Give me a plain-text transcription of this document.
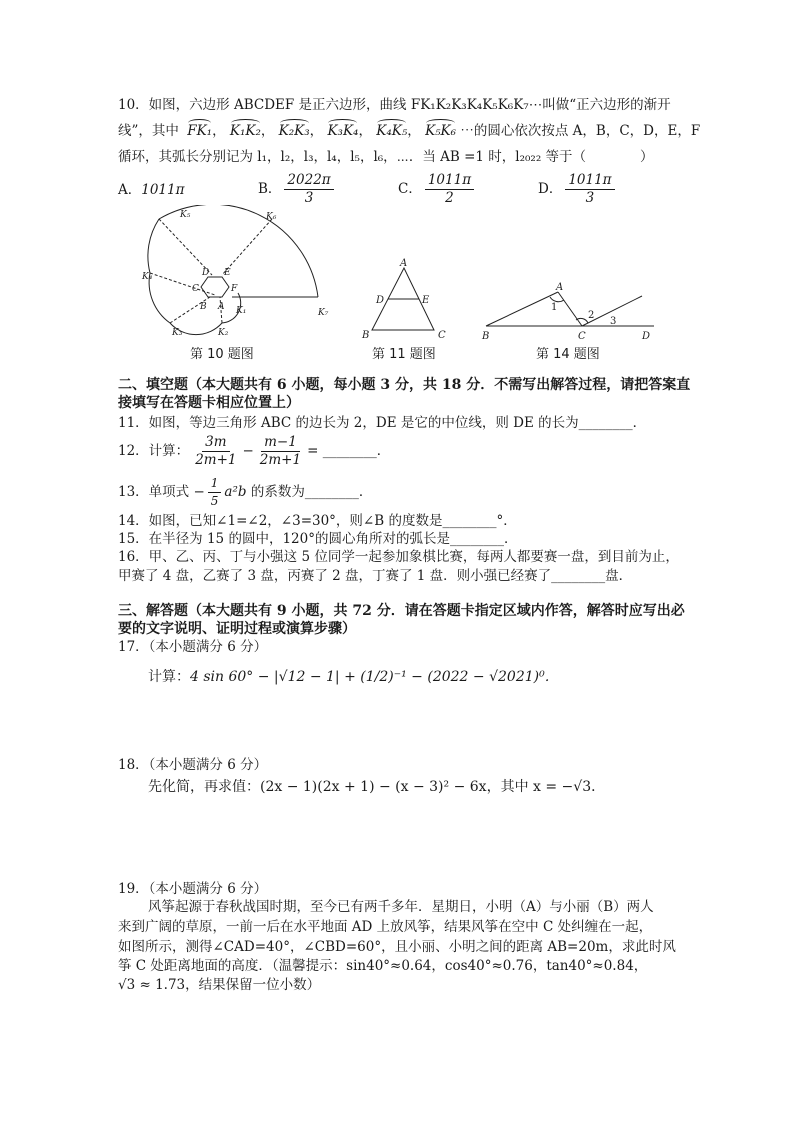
10．如图，六边形 ABCDEF 是正六边形，曲线 FK₁K₂K₃K₄K₅K₆K₇⋯叫做“正六边形的渐开
线”，其中 FK₁， K₁K₂， K₂K₃， K₃K₄， K₄K₅， K₅K₆ ⋯的圆心依次按点 A，B，C，D，E，F
循环，其弧长分别记为 l₁，l₂，l₃，l₄，l₅，l₆，⋯．当 AB =1 时，l₂₀₂₂ 等于（　　　　）
A．1011π	B． $\frac{2022\pi}{3}$	C． $\frac{1011\pi}{2}$	D． $\frac{1011\pi}{3}$
K₅	K₆
K₄	D E
C	F
B A K₁	K₇
K₃	K₂
A
D	E
B	C
A
1
2
3
B	C	D
第 10 题图	第 11 题图	第 14 题图
二、填空题（本大题共有 6 小题，每小题 3 分，共 18 分．不需写出解答过程，请把答案直
接填写在答题卡相应位置上）
11．如图，等边三角形 ABC 的边长为 2，DE 是它的中位线，则 DE 的长为________．
12．计算： $\frac{3m}{2m+1} - \frac{m-1}{2m+1}$ = ________．
13．单项式 − $\frac{1}{5} a^2b$ 的系数为________．
14．如图，已知∠1=∠2，∠3=30°，则∠B 的度数是________°．
15．在半径为 15 的圆中，120°的圆心角所对的弧长是________．
16．甲、乙、丙、丁与小强这 5 位同学一起参加象棋比赛，每两人都要赛一盘，到目前为止，
甲赛了 4 盘，乙赛了 3 盘，丙赛了 2 盘，丁赛了 1 盘．则小强已经赛了________盘．
三、解答题（本大题共有 9 小题，共 72 分．请在答题卡指定区域内作答，解答时应写出必
要的文字说明、证明过程或演算步骤）
17．（本小题满分 6 分）
计算：4 sin 60° − |√12 − 1| + (1/2)⁻¹ − (2022 − √2021)⁰．
18．（本小题满分 6 分）
先化简，再求值：(2x − 1)(2x + 1) − (x − 3)² − 6x，其中 x = −√3．
19．（本小题满分 6 分）
风筝起源于春秋战国时期，至今已有两千多年．星期日，小明（A）与小丽（B）两人
来到广阔的草原，一前一后在水平地面 AD 上放风筝，结果风筝在空中 C 处纠缠在一起，
如图所示，测得∠CAD=40°，∠CBD=60°，且小丽、小明之间的距离 AB=20m，求此时风
筝 C 处距离地面的高度．（温馨提示：sin40°≈0.64，cos40°≈0.76，tan40°≈0.84，
√3 ≈ 1.73，结果保留一位小数）
